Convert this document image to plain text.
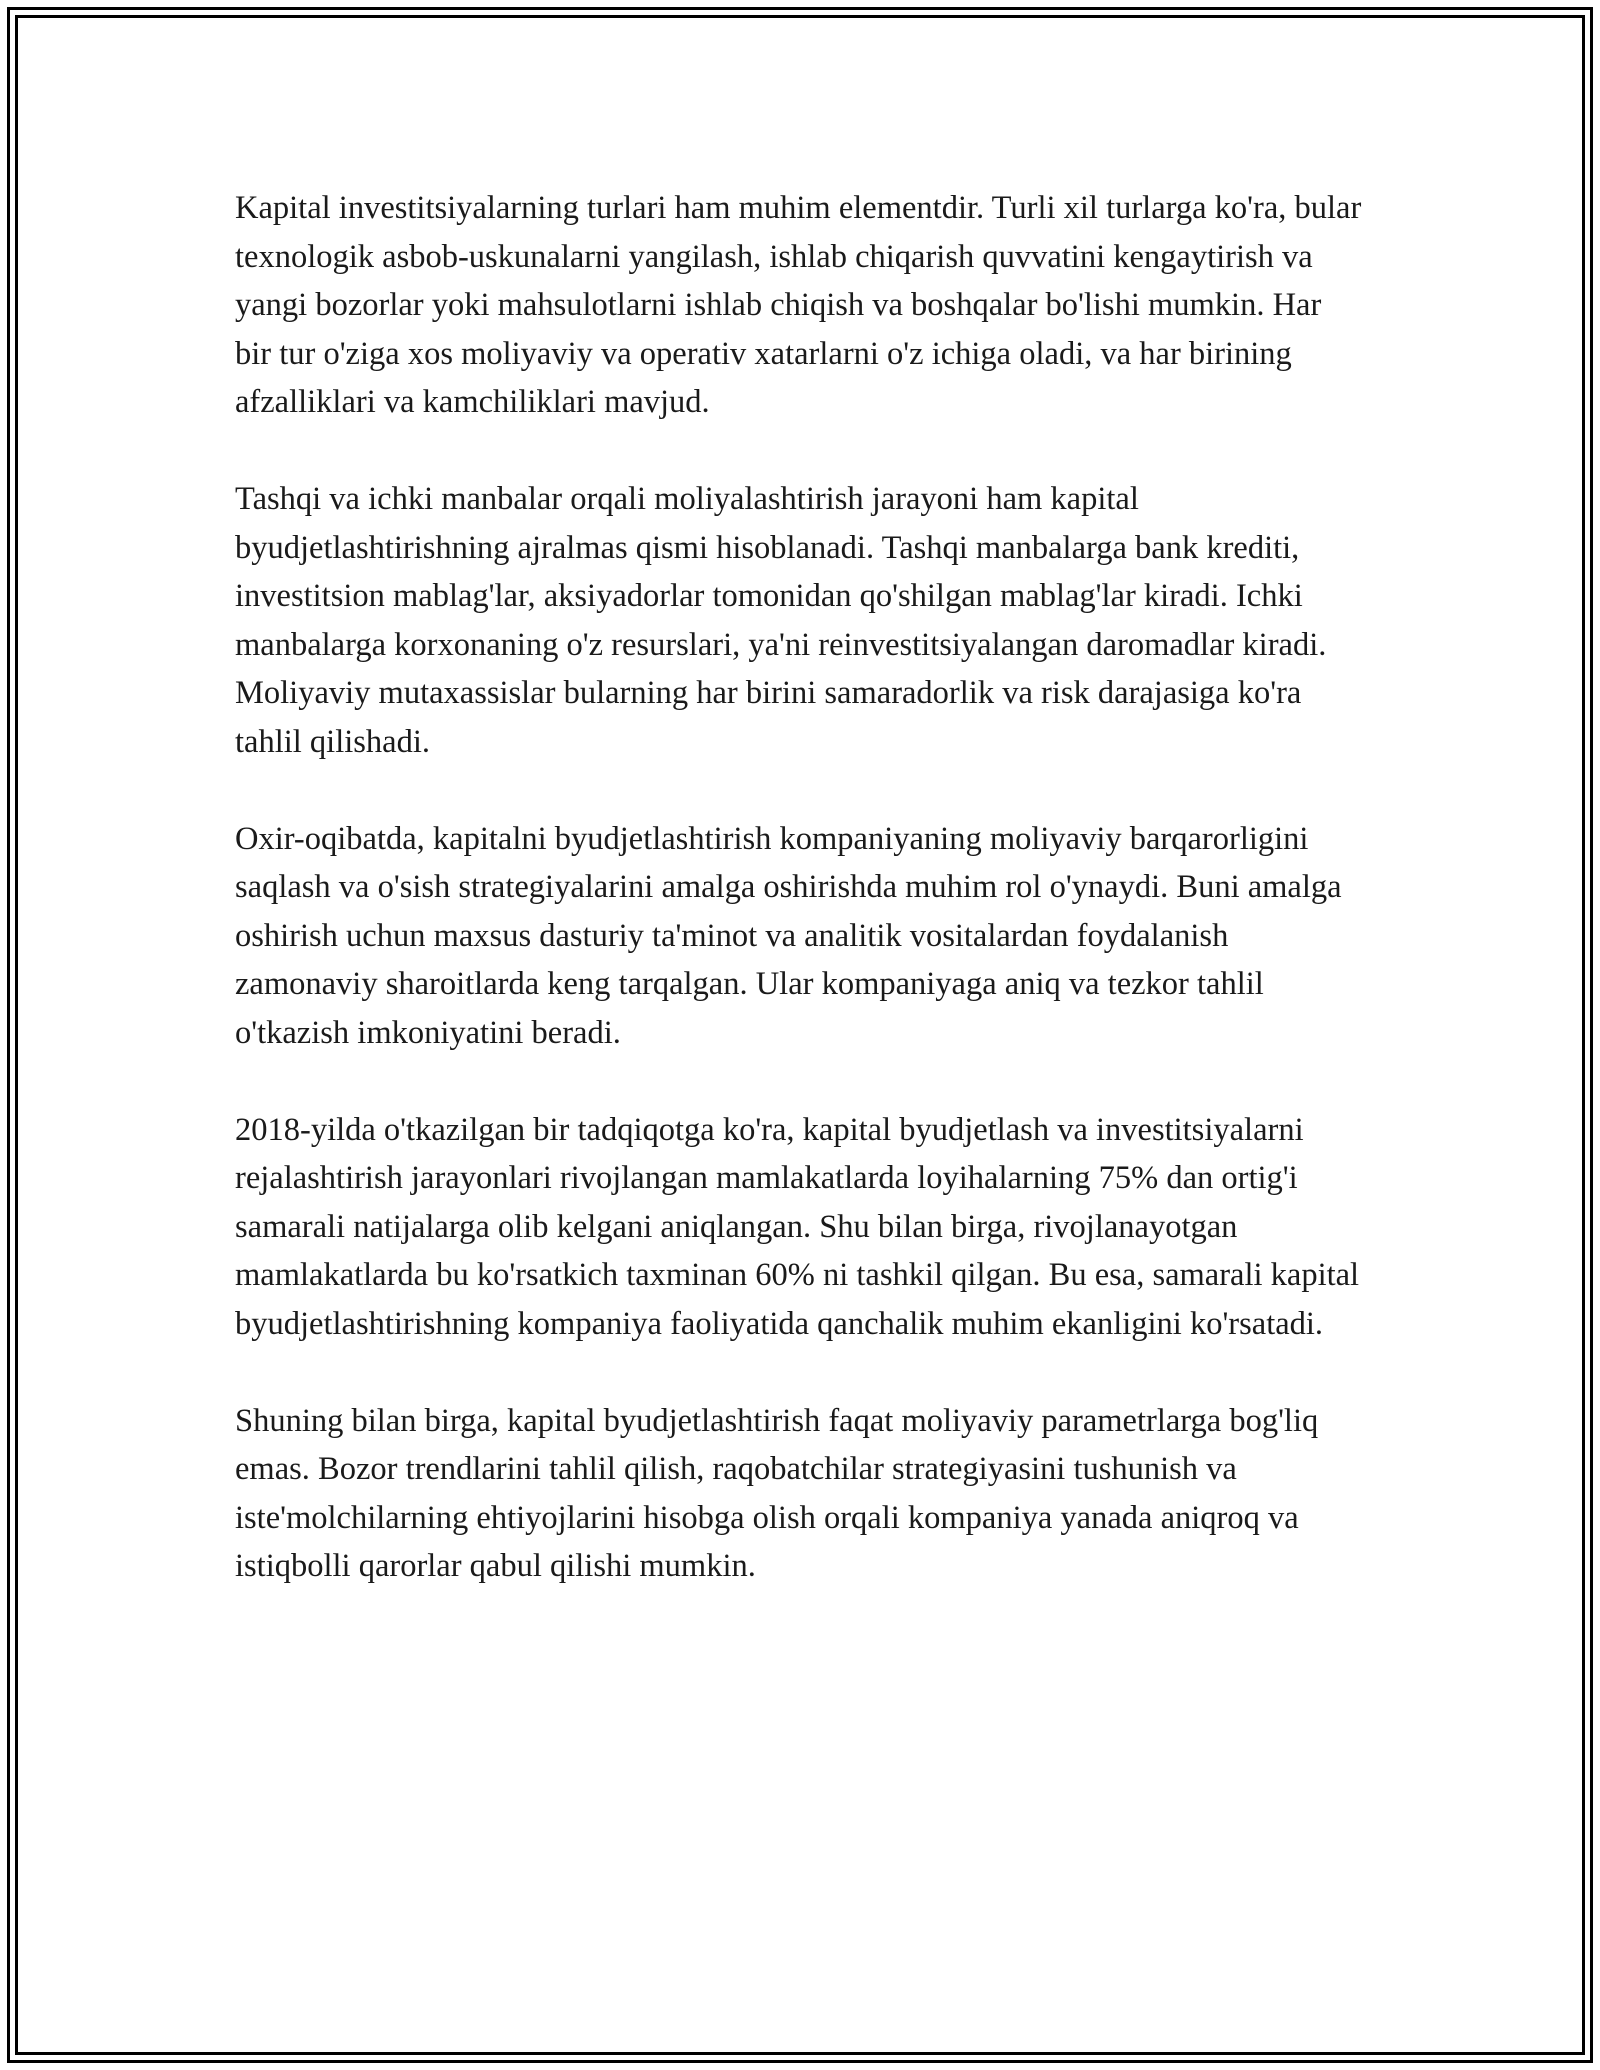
Kapital investitsiyalarning turlari ham muhim elementdir. Turli xil turlarga ko'ra, bular texnologik asbob-uskunalarni yangilash, ishlab chiqarish quvvatini kengaytirish va yangi bozorlar yoki mahsulotlarni ishlab chiqish va boshqalar bo'lishi mumkin. Har bir tur o'ziga xos moliyaviy va operativ xatarlarni o'z ichiga oladi, va har birining afzalliklari va kamchiliklari mavjud.

Tashqi va ichki manbalar orqali moliyalashtirish jarayoni ham kapital byudjetlashtirishning ajralmas qismi hisoblanadi. Tashqi manbalarga bank krediti, investitsion mablag'lar, aksiyadorlar tomonidan qo'shilgan mablag'lar kiradi. Ichki manbalarga korxonaning o'z resurslari, ya'ni reinvestitsiyalangan daromadlar kiradi. Moliyaviy mutaxassislar bularning har birini samaradorlik va risk darajasiga ko'ra tahlil qilishadi.

Oxir-oqibatda, kapitalni byudjetlashtirish kompaniyaning moliyaviy barqarorligini saqlash va o'sish strategiyalarini amalga oshirishda muhim rol o'ynaydi. Buni amalga oshirish uchun maxsus dasturiy ta'minot va analitik vositalardan foydalanish zamonaviy sharoitlarda keng tarqalgan. Ular kompaniyaga aniq va tezkor tahlil o'tkazish imkoniyatini beradi.

2018-yilda o'tkazilgan bir tadqiqotga ko'ra, kapital byudjetlash va investitsiyalarni rejalashtirish jarayonlari rivojlangan mamlakatlarda loyihalarning 75% dan ortig'i samarali natijalarga olib kelgani aniqlangan. Shu bilan birga, rivojlanayotgan mamlakatlarda bu ko'rsatkich taxminan 60% ni tashkil qilgan. Bu esa, samarali kapital byudjetlashtirishning kompaniya faoliyatida qanchalik muhim ekanligini ko'rsatadi.

Shuning bilan birga, kapital byudjetlashtirish faqat moliyaviy parametrlarga bog'liq emas. Bozor trendlarini tahlil qilish, raqobatchilar strategiyasini tushunish va iste'molchilarning ehtiyojlarini hisobga olish orqali kompaniya yanada aniqroq va istiqbolli qarorlar qabul qilishi mumkin.
